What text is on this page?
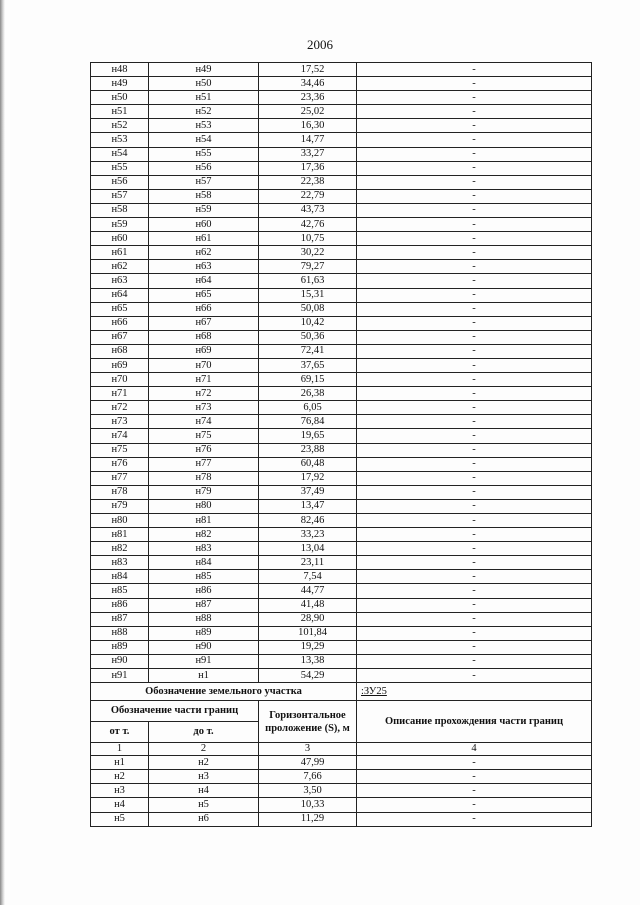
2006
н48	н49	17,52	-
н49	н50	34,46	-
н50	н51	23,36	-
н51	н52	25,02	-
н52	н53	16,30	-
н53	н54	14,77	-
н54	н55	33,27	-
н55	н56	17,36	-
н56	н57	22,38	-
н57	н58	22,79	-
н58	н59	43,73	-
н59	н60	42,76	-
н60	н61	10,75	-
н61	н62	30,22	-
н62	н63	79,27	-
н63	н64	61,63	-
н64	н65	15,31	-
н65	н66	50,08	-
н66	н67	10,42	-
н67	н68	50,36	-
н68	н69	72,41	-
н69	н70	37,65	-
н70	н71	69,15	-
н71	н72	26,38	-
н72	н73	6,05	-
н73	н74	76,84	-
н74	н75	19,65	-
н75	н76	23,88	-
н76	н77	60,48	-
н77	н78	17,92	-
н78	н79	37,49	-
н79	н80	13,47	-
н80	н81	82,46	-
н81	н82	33,23	-
н82	н83	13,04	-
н83	н84	23,11	-
н84	н85	7,54	-
н85	н86	44,77	-
н86	н87	41,48	-
н87	н88	28,90	-
н88	н89	101,84	-
н89	н90	19,29	-
н90	н91	13,38	-
н91	н1	54,29	-
Обозначение земельного участка			:ЗУ25
Обозначение части границ		Горизонтальное проложение (S), м	Описание прохождения части границ
от т.	до т.		
1	2	3	4
н1	н2	47,99	-
н2	н3	7,66	-
н3	н4	3,50	-
н4	н5	10,33	-
н5	н6	11,29	-
